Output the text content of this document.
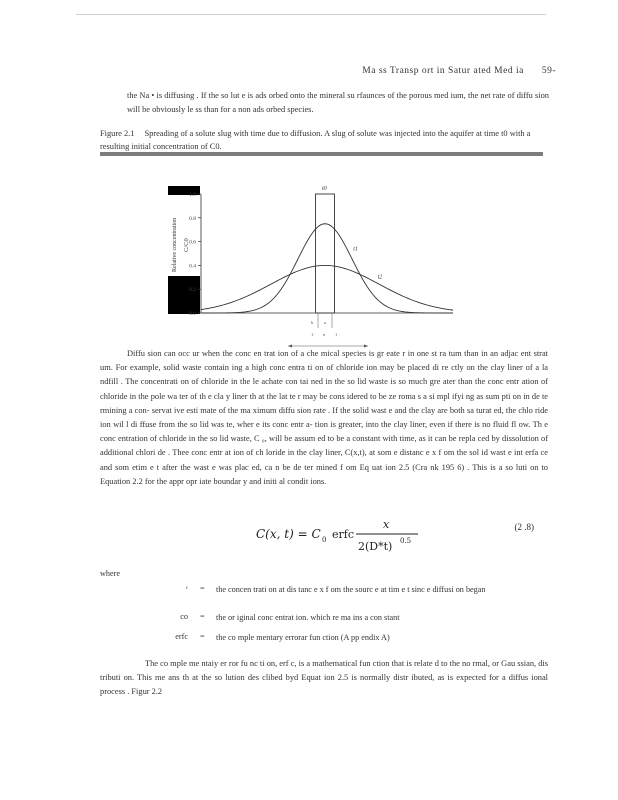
Ma ss Transp ort in Satur ated Med ia 59-

the Na • is diffusing . If the so lut e is ads orbed onto the mineral su rfaunces of the porous med ium, the net rate of diffu sion will be obviously le ss than for a non ads orbed species.

Figure 2.1 Spreading of a solute slug with time due to diffusion. A slug of solute was injected into the aquifer at time t0 with a resulting initial concentration of C0.
Relative concentration C/C0
1.0
0.8
0.6
0.4
0.2
0.0
t0
t1
t2
b a
1· n 1 ·

Diffu sion can occ ur when the conc en trat ion of a che mical species is gr eate r in one st ra tum than in an adjac ent strat um. For example, solid waste contain ing a high conc entra ti on of chloride ion may be placed di re ctly on the clay liner of a la ndfill . The concentrati on of chloride in the le achate con tai ned in the so lid waste is so much gre ater than the conc entr ation of chloride in the pole wa ter of th e cla y liner th at the lat te r may be cons idered to be ze roma s a si mpl ifyi ng as sum pti on in de te rmining a con- servat ive esti mate of the ma ximum diffu sion rate . If the solid wast e and the clay are both sa turat ed, the chlo ride ion wil l di ffuse from the so lid was te, wher e its conc entr a- tion is greater, into the clay liner, even if there is no fluid fl ow. Th e conc entration of chloride in the so lid waste, C ₀, will be assum ed to be a constant with time, as it can be repla ced by dissolution of additional chlori de . Thee conc entr at ion of ch loride in the clay liner, C(x,t), at som e distanc e x f om the sol id wast e int erfa ce and som etim e t after the wast e was plac ed, ca n be de ter mined f om Eq uat ion 2.5 (Cra nk 195 6) . This is a so luti on to Equation 2.2 for the appr opr iate boundar y and initi al condit ions.

C(x, t) = C 0 erfc
x
2(D*t) 0.5
(2 .8)
where
ᶜ = the concen trati on at dis tanc e x f om the sourc e at tim e t sinc e diffusi on began
co = the or iginal conc entrat ion. which re ma ins a con stant
erfc = the co mple mentary errorar fun ction (A pp endix A)

The co mple me ntaiy er ror fu nc ti on, erf c, is a mathematical fun ction that is relate d to the no rmal, or Gau ssian, dis tributi on. This me ans th at the so lution des clibed byd Equat ion 2.5 is normally distr ibuted, as is expected for a diffus ional process . Figur 2.2
